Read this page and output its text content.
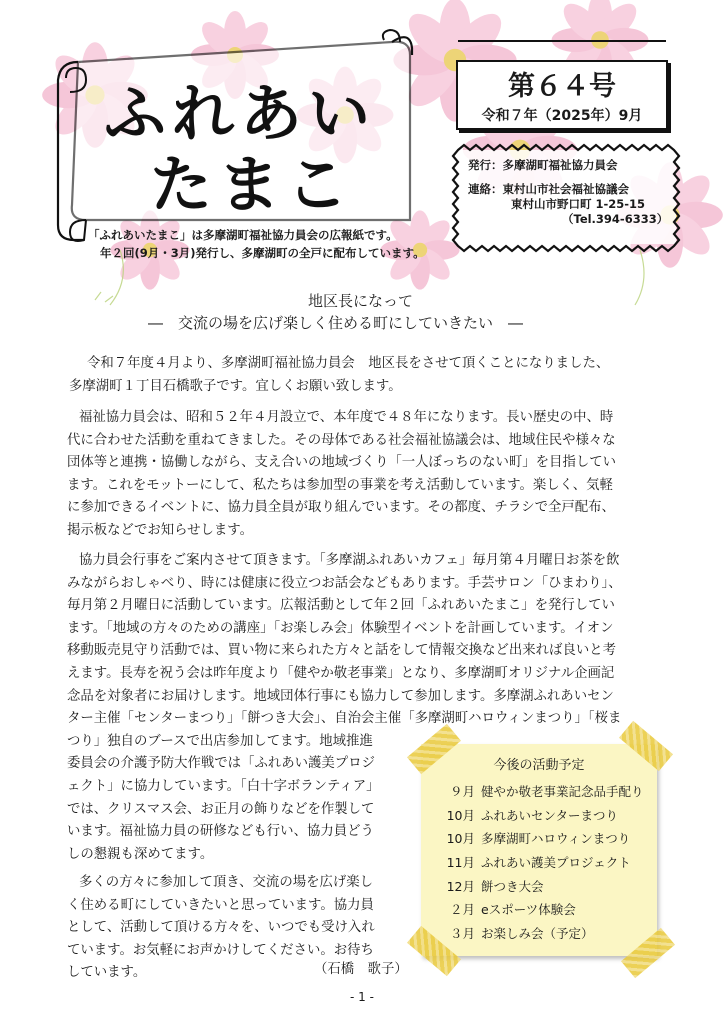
ふれあい
たまこ
「ふれあいたまこ」は多摩湖町福祉協力員会の広報紙です。
年２回(9月・3月)発行し、多摩湖町の全戸に配布しています。
第６４号
令和７年（2025年）9月
発行：多摩湖町福祉協力員会
連絡：東村山市社会福祉協議会
東村山市野口町 1-25-15
（Tel.394-6333）
地区長になって
―　交流の場を広げ楽しく住める町にしていきたい　―

令和７年度４月より、多摩湖町福祉協力員会　地区長をさせて頂くことになりました、

多摩湖町１丁目石橋歌子です。宜しくお願い致します。

福祉協力員会は、昭和５２年４月設立で、本年度で４８年になります。長い歴史の中、時

代に合わせた活動を重ねてきました。その母体である社会福祉協議会は、地域住民や様々な

団体等と連携・協働しながら、支え合いの地域づくり「一人ぼっちのない町」を目指してい

ます。これをモットーにして、私たちは参加型の事業を考え活動しています。楽しく、気軽

に参加できるイベントに、協力員全員が取り組んでいます。その都度、チラシで全戸配布、

掲示板などでお知らせします。

協力員会行事をご案内させて頂きます。「多摩湖ふれあいカフェ」毎月第４月曜日お茶を飲

みながらおしゃべり、時には健康に役立つお話会などもあります。手芸サロン「ひまわり」、

毎月第２月曜日に活動しています。広報活動として年２回「ふれあいたまこ」を発行してい

ます。「地域の方々のための講座」「お楽しみ会」体験型イベントを計画しています。イオン

移動販売見守り活動では、買い物に来られた方々と話をして情報交換など出来れば良いと考

えます。長寿を祝う会は昨年度より「健やか敬老事業」となり、多摩湖町オリジナル企画記

念品を対象者にお届けします。地域団体行事にも協力して参加します。多摩湖ふれあいセン

ター主催「センターまつり」「餅つき大会」、自治会主催「多摩湖町ハロウィンまつり」「桜ま

つり」独自のブースで出店参加してます。地域推進

委員会の介護予防大作戦では「ふれあい護美プロジ

ェクト」に協力しています。「白十字ボランティア」

では、クリスマス会、お正月の飾りなどを作製して

います。福祉協力員の研修なども行い、協力員どう

しの懇親も深めてます。

多くの方々に参加して頂き、交流の場を広げ楽し

く住める町にしていきたいと思っています。協力員

として、活動して頂ける方々を、いつでも受け入れ

ています。お気軽にお声かけしてください。お待ち

しています。	（石橋　歌子）
今後の活動予定
９月 健やか敬老事業記念品手配り
10月 ふれあいセンターまつり
10月 多摩湖町ハロウィンまつり
11月 ふれあい護美プロジェクト
12月 餅つき大会
２月 eスポーツ体験会
３月 お楽しみ会（予定）
- 1 -
